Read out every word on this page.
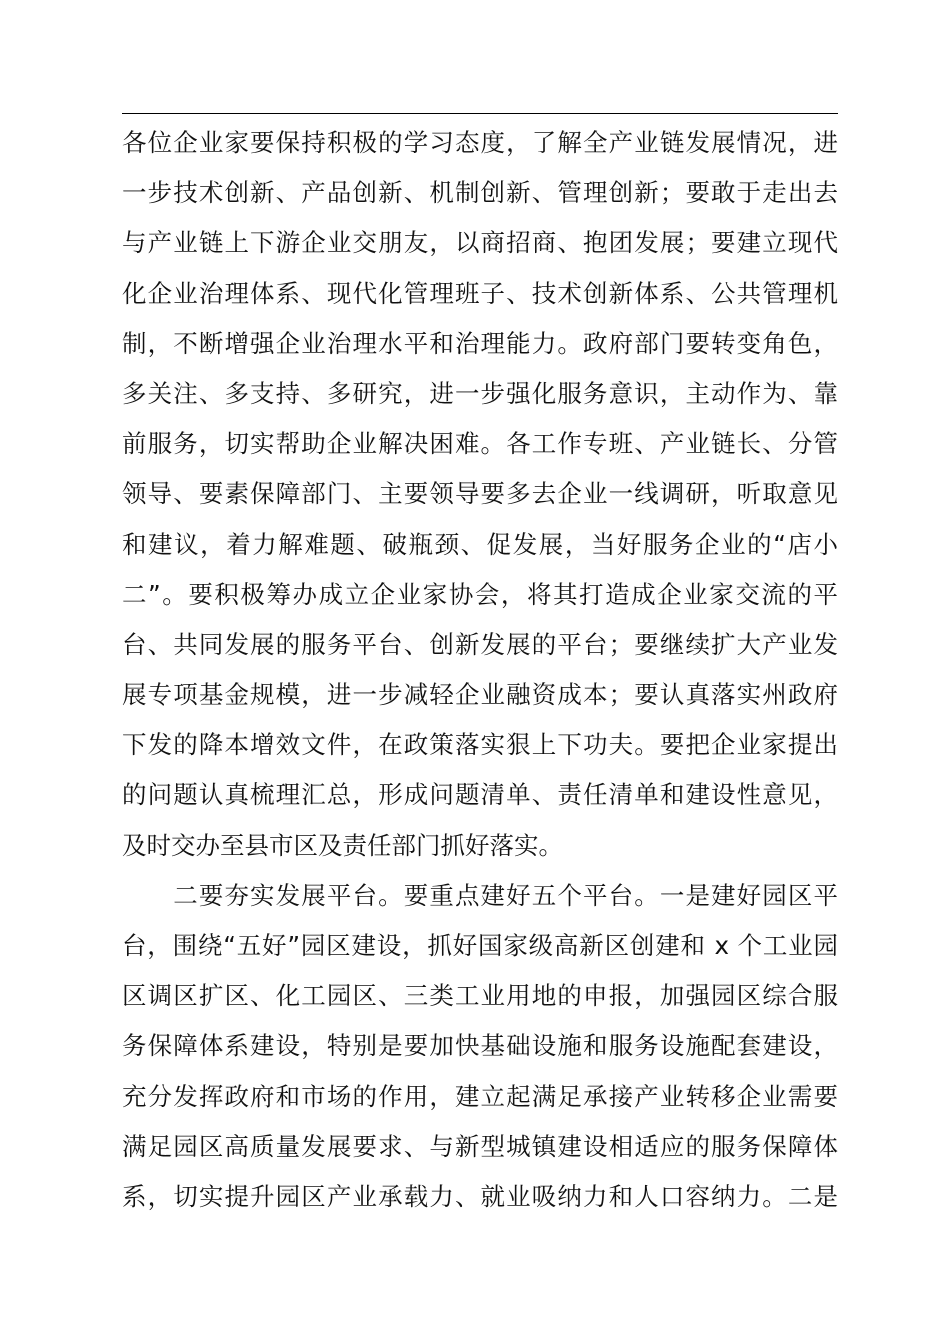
各位企业家要保持积极的学习态度，了解全产业链发展情况，进
一步技术创新、产品创新、机制创新、管理创新；要敢于走出去
与产业链上下游企业交朋友，以商招商、抱团发展；要建立现代
化企业治理体系、现代化管理班子、技术创新体系、公共管理机
制，不断增强企业治理水平和治理能力。政府部门要转变角色，
多关注、多支持、多研究，进一步强化服务意识，主动作为、靠
前服务，切实帮助企业解决困难。各工作专班、产业链长、分管
领导、要素保障部门、主要领导要多去企业一线调研，听取意见
和建议，着力解难题、破瓶颈、促发展，当好服务企业的“店小
二”。要积极筹办成立企业家协会，将其打造成企业家交流的平
台、共同发展的服务平台、创新发展的平台；要继续扩大产业发
展专项基金规模，进一步减轻企业融资成本；要认真落实州政府
下发的降本增效文件，在政策落实狠上下功夫。要把企业家提出
的问题认真梳理汇总，形成问题清单、责任清单和建设性意见，
及时交办至县市区及责任部门抓好落实。
　　二要夯实发展平台。要重点建好五个平台。一是建好园区平
台，围绕“五好”园区建设，抓好国家级高新区创建和 x 个工业园
区调区扩区、化工园区、三类工业用地的申报，加强园区综合服
务保障体系建设，特别是要加快基础设施和服务设施配套建设，
充分发挥政府和市场的作用，建立起满足承接产业转移企业需要
满足园区高质量发展要求、与新型城镇建设相适应的服务保障体
系，切实提升园区产业承载力、就业吸纳力和人口容纳力。二是
